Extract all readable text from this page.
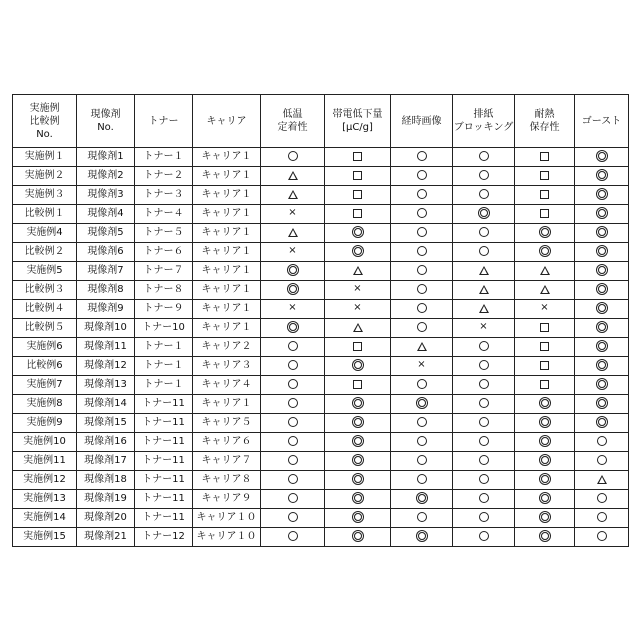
実施例
比較例
No.

現像剤
No.

トナー	キャリア

低温
定着性

帯電低下量
[μC/g]

経時画像

排紙
ブロッキング

耐熱
保存性

ゴースト

実施例１	現像剤1	トナー１	キャリア１						
実施例２	現像剤2	トナー２	キャリア１						
実施例３	現像剤3	トナー３	キャリア１						
比較例１	現像剤4	トナー４	キャリア１	×					
実施例4	現像剤5	トナー５	キャリア１						
比較例２	現像剤6	トナー６	キャリア１	×					
実施例5	現像剤7	トナー７	キャリア１						
比較例３	現像剤8	トナー８	キャリア１		×				
比較例４	現像剤9	トナー９	キャリア１	×	×			×	
比較例５	現像剤10	トナー10	キャリア１				×		
実施例6	現像剤11	トナー１	キャリア２						
比較例6	現像剤12	トナー１	キャリア３			×			
実施例7	現像剤13	トナー１	キャリア４						
実施例8	現像剤14	トナー11	キャリア１						
実施例9	現像剤15	トナー11	キャリア５						
実施例10	現像剤16	トナー11	キャリア６						
実施例11	現像剤17	トナー11	キャリア７						
実施例12	現像剤18	トナー11	キャリア８						
実施例13	現像剤19	トナー11	キャリア９						
実施例14	現像剤20	トナー11	キャリア１０						
実施例15	現像剤21	トナー12	キャリア１０						
